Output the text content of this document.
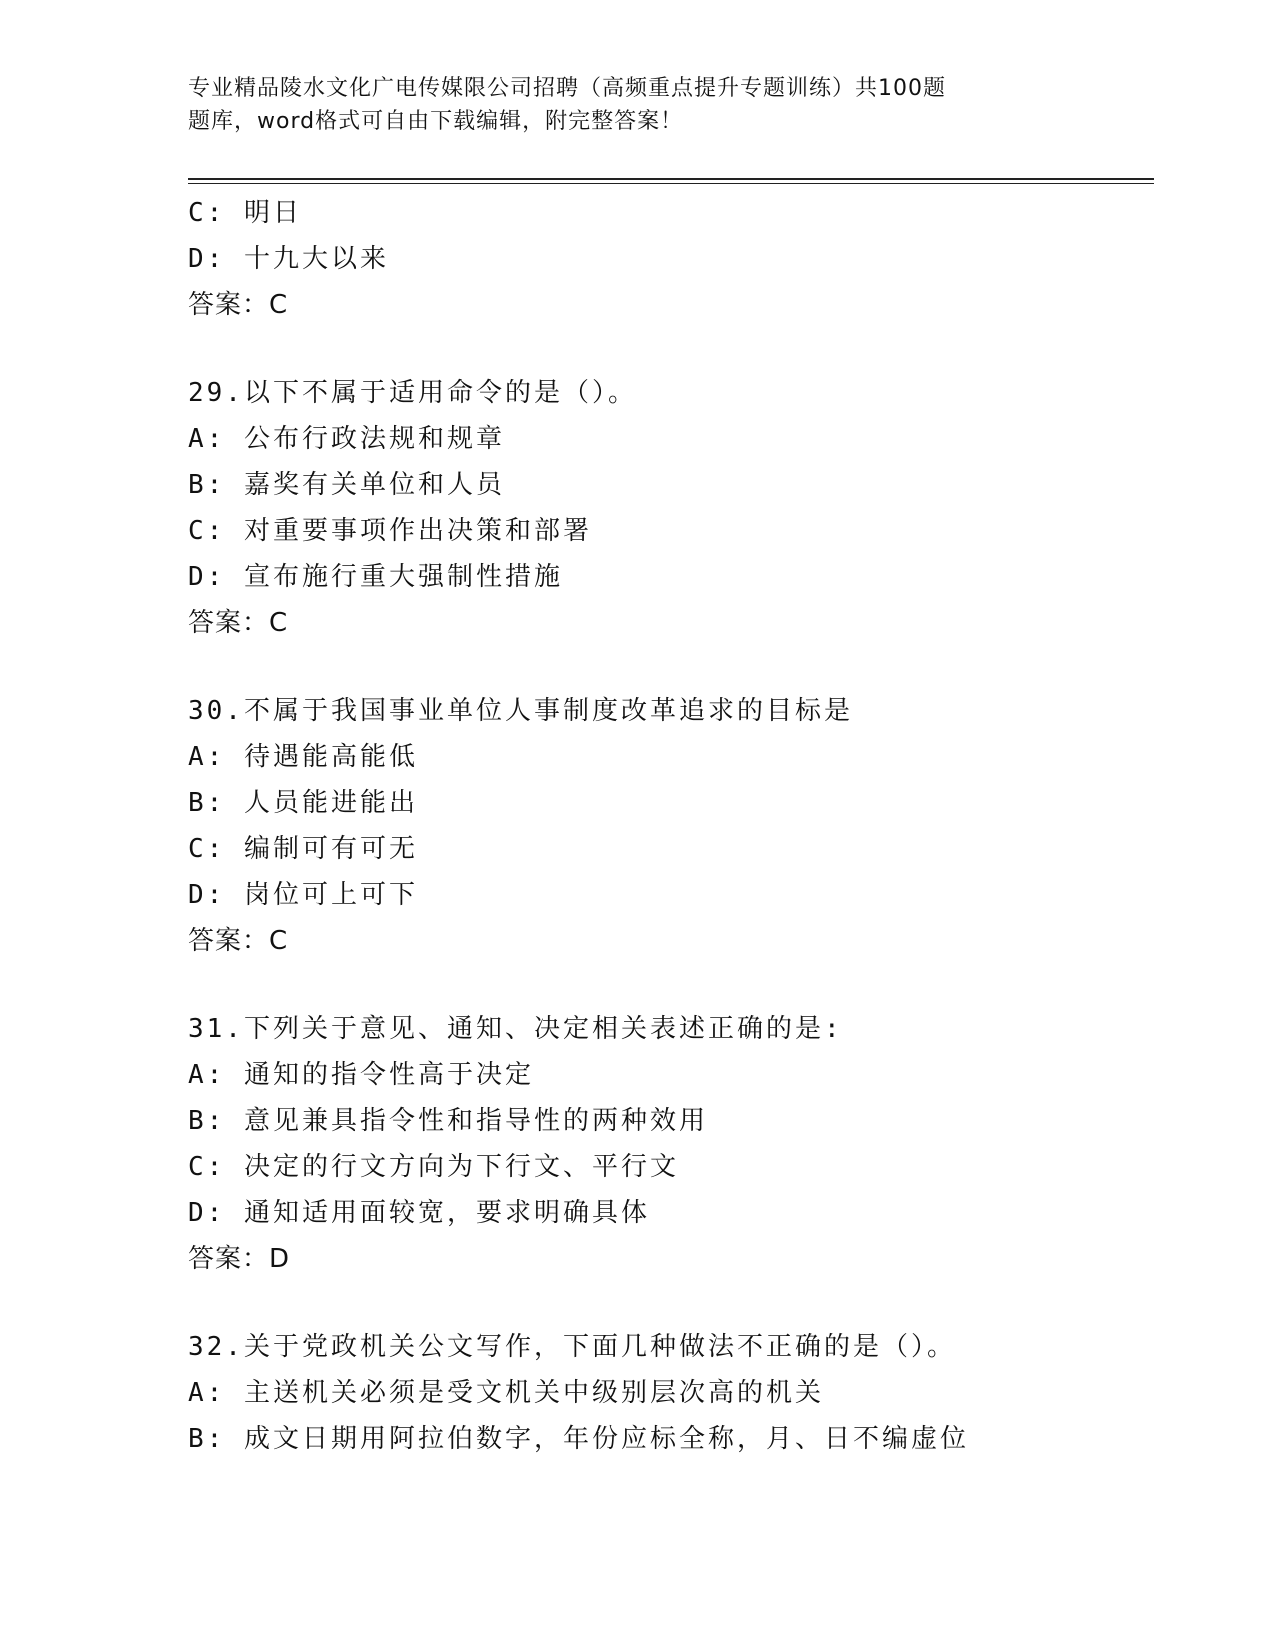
专业精品陵水文化广电传媒限公司招聘（高频重点提升专题训练）共100题
题库，word格式可自由下载编辑，附完整答案！
C: 明日
D: 十九大以来
答案：C
29.以下不属于适用命令的是（）。
A: 公布行政法规和规章
B: 嘉奖有关单位和人员
C: 对重要事项作出决策和部署
D: 宣布施行重大强制性措施
答案：C
30.不属于我国事业单位人事制度改革追求的目标是
A: 待遇能高能低
B: 人员能进能出
C: 编制可有可无
D: 岗位可上可下
答案：C
31.下列关于意见、通知、决定相关表述正确的是:
A: 通知的指令性高于决定
B: 意见兼具指令性和指导性的两种效用
C: 决定的行文方向为下行文、平行文
D: 通知适用面较宽，要求明确具体
答案：D
32.关于党政机关公文写作，下面几种做法不正确的是（）。
A: 主送机关必须是受文机关中级别层次高的机关
B: 成文日期用阿拉伯数字，年份应标全称，月、日不编虚位
